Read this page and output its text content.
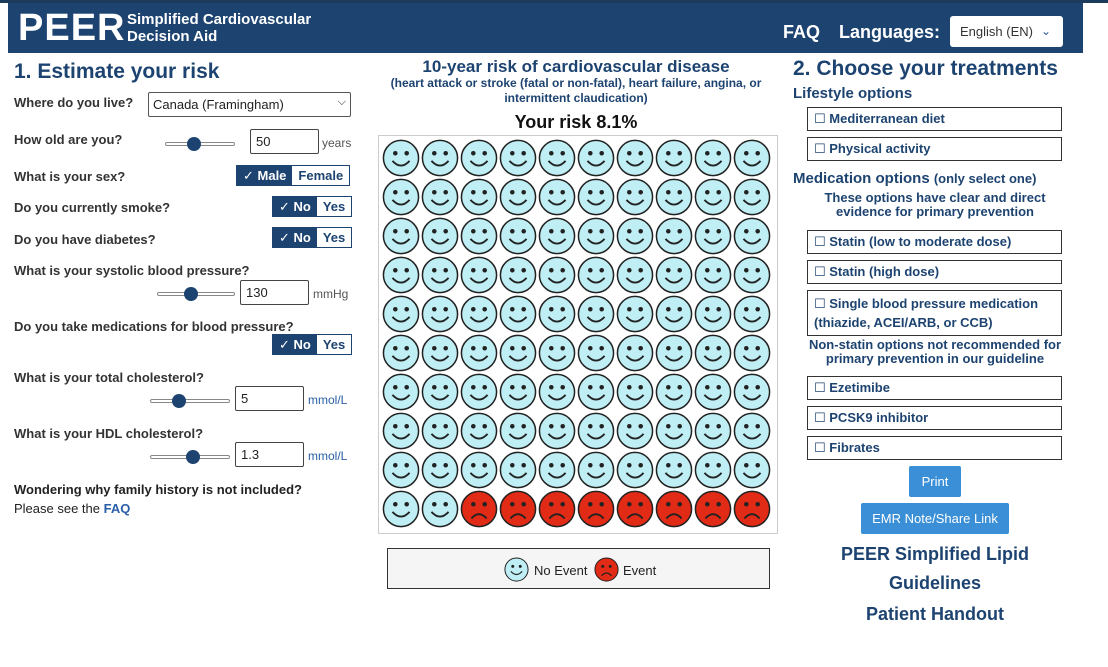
PEER Simplified Cardiovascular
Decision Aid	FAQ Languages:	English (EN) ⌄
1. Estimate your risk
Where do you live?	Canada (Framingham)	⌵
How old are you?	50	years
What is your sex?	✓ Male Female
Do you currently smoke?	✓ No Yes
Do you have diabetes?	✓ No Yes
What is your systolic blood pressure?
130	mmHg
Do you take medications for blood pressure?
✓ No Yes
What is your total cholesterol?
5	mmol/L
What is your HDL cholesterol?
1.3	mmol/L
Wondering why family history is not included?
Please see the FAQ
10-year risk of cardiovascular disease
(heart attack or stroke (fatal or non-fatal), heart failure, angina, or intermittent claudication)
Your risk 8.1%
No Event	Event
2. Choose your treatments
Lifestyle options
☐ Mediterranean diet
☐ Physical activity
Medication options (only select one)
These options have clear and direct evidence for primary prevention
☐ Statin (low to moderate dose)
☐ Statin (high dose)
☐ Single blood pressure medication (thiazide, ACEI/ARB, or CCB)
Non-statin options not recommended for primary prevention in our guideline
☐ Ezetimibe
☐ PCSK9 inhibitor
☐ Fibrates
Print
EMR Note/Share Link
PEER Simplified Lipid Guidelines
Patient Handout
